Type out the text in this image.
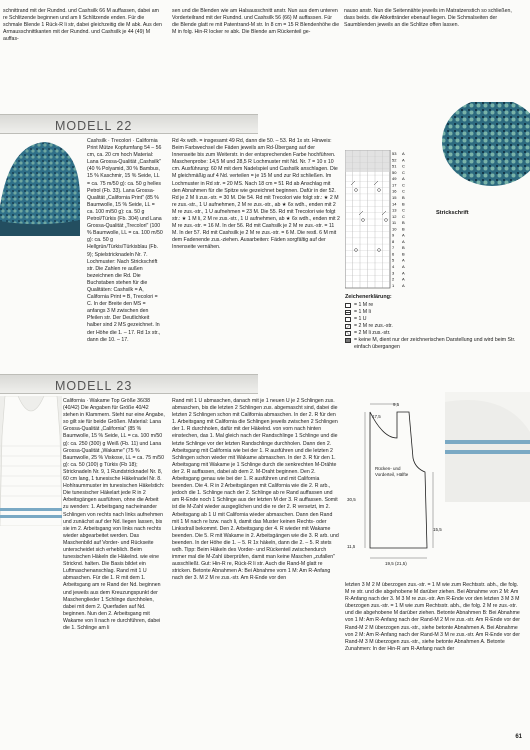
schnittrand mit der Rundnd. und Cashsilk 66 M auffassen, dabei am re Schlitzende beginnen und am li Schlitzende enden. Für die schmale Blende 1 Rück-R li str, dabei gleichzeitig die M abk. Aus den Armausschnittkanten mit der Rundnd. und Cashsilk je 44 (49) M auffas-
sen und die Blenden wie am Halsausschnitt anstr. Nun aus dem unteren Vorderteilrand mit der Rundnd. und Cashsilk 56 (66) M auffassen. Für die Blende glatt re mit Patentrand-M str. In 8 cm = 15 R Blendenhöhe die M in folg. Hin-R locker re abk. Die Blende am Rückenteil ge-
nauso anstr. Nun die Seitennähte jeweils im Matratzenstich so schließen, dass beids. die Abkettränder ebenauf liegen. Die Schmalseiten der Saumblenden jeweils an die Schlitze offen lassen.
MODELL 22

Cashsilk · Trecolori · California Print Mütze Kopfumfang 54 – 56 cm, ca. 20 cm hoch Material: Lana Grossa-Qualität „Cashsilk" (40 % Polyamid, 30 % Bambus, 15 % Kaschmir, 15 % Seide, LL = ca. 75 m/50 g): ca. 50 g helles Petrol (Fb. 33). Lana Grossa-Qualität „California Print" (85 % Baumwolle, 15 % Seide, LL = ca. 100 m/50 g): ca. 50 g Petrol/Türkis (Fb. 304) und Lana Grossa-Qualität „Trecolori" (100 % Baumwolle, LL = ca. 100 m/50 g): ca. 50 g Hellgrün/Türkis/Türkisblau (Fb. 9); Spielstricknadeln Nr. 7. Lochmuster: Nach Strickschrift str. Die Zahlen re außen bezeichnen die Rd. Die Buchstaben stehen für die Qualitäten: Cashsilk = A, California Print = B, Trecolori = C. In der Breite den MS = anfangs 3 M zwischen den Pfeilen str. Der Deutlichkeit halber sind 2 MS gezeichnet. In der Höhe die 1. – 17. Rd 1x str., dann die 10. – 17.

Rd 4x wdh. = insgesamt 49 Rd, dann die 50. – 53. Rd 1x str. Hinweis: Beim Farbwechsel die Fäden jeweils am Rd-Übergang auf der Innenseite bis zum Weiterstr. in der entsprechenden Farbe hochführen. Maschenprobe: 14,5 M und 28,5 R Lochmuster mit Nd. Nr. 7 = 10 x 10 cm. Ausführung: 60 M mit dem Nadelspiel und Cashsilk anschlagen. Die M gleichmäßig auf 4 Nd. verteilen = je 15 M und zur Rd schließen. Im Lochmuster in Rd str. = 20 MS. Nach 18 cm = 51 Rd ab Anschlag mit den Abnahmen für die Spitze wie gezeichnet beginnen. Dafür in der 52. Rd je 2 M li zus.-str. = 30 M. Die 54. Rd mit Trecolori wie folgt str.: ★ 2 M re zus.-str., 1 U aufnehmen, 2 M re zus.-str., ab ★ 6x wdh., enden mit 2 M re zus.-str., 1 U aufnehmen = 23 M. Die 55. Rd mit Trecolori wie folgt str.: ★ 1 M li, 2 M re zus.-str., 1 U aufnehmen, ab ★ 6x wdh., enden mit 2 M re zus.-str. = 16 M. In der 56. Rd mit Cashsilk je 2 M re zus.-str. = 11 M. In der 57. Rd mit Cashsilk je 2 M re zus.-str. = 6 M. Die restl. 6 M mit dem Fadenende zus.-ziehen. Ausarbeiten: Fäden sorgfältig auf der Innenseite vernähen.
53 A
52 A
51 C
50 C
49 A
17 C
16 C
15 B
14 B
13 C
12 C
11 B
10 B
9 A
8 A
7 B
6 B
5 A
4 A
3 A
2 A
1 A
Strickschrift
Zeichenerklärung:
= 1 M re
= 1 M li
= 1 U
= 2 M re zus.-str.
= 2 M li zus.-str.
= keine M, dient nur der zeichnerischen Darstellung und wird beim Str. einfach übergangen
MODELL 23

California · Wakame Top Größe 36/38 (40/42) Die Angaben für Größe 40/42 stehen in Klammern. Steht nur eine Angabe, so gilt sie für beide Größen. Material: Lana Grossa-Qualität „California" (85 % Baumwolle, 15 % Seide, LL = ca. 100 m/50 g): ca. 250 (300) g Weiß (Fb. 11) und Lana Grossa-Qualität „Wakame" (75 % Baumwolle, 25 % Viskose, LL = ca. 75 m/50 g): ca. 50 (100) g Türkis (Fb 18); Stricknadeln Nr. 9, 1 Rundstricknadel Nr. 8, 60 cm lang, 1 tunesische Häkelnadel Nr. 8. Hohlraummuster im tunesischen Häkelstich: Die tunesischer Häkelart jede R in 2 Arbeitsgängen ausführen, ohne die Arbeit zu wenden: 1. Arbeitsgang nacheinander Schlingen von rechts nach links aufnehmen und zunächst auf der Nd. liegen lassen, bis sie im 2. Arbeitsgang von links nach rechts wieder abgearbeitet werden. Das Maschenbild auf Vorder- und Rückseite unterscheidet sich erheblich. Beim tunesischen Häkeln die Häkelnd. wie eine Stricknd. halten. Die Basis bildet ein Luftmaschenanschlag. Rand mit 1 U abmaschen. Für die 1. R mit dem 1. Arbeitsgang am re Rand der Nd. beginnen und jeweils aus dem Kreuzungspunkt der Maschenglieder 1 Schlinge durchholen, dabei mit dem 2. Querfaden auf Nd. beginnen. Nun den 2. Arbeitsgang mit Wakame von li nach re durchführen, dabei die 1. Schlinge am li

Rand mit 1 U abmaschen, danach mit je 1 neuen U je 2 Schlingen zus. abmaschen, bis die letzten 2 Schlingen zus. abgemascht sind, dabei die letzten 2 Schlingen schon mit California abmaschen. In der 2. R für den 1. Arbeitsgang mit California die Schlingen jeweils zwischen 2 Schlingen der 1. R durchholen, dafür mit der Häkelnd. von vorn nach hinten einstechen, das 1. Mal gleich nach der Randschlinge 1 Schlinge und die letzte Schlinge vor der letzten Randschlinge durchholen. Dann den 2. Arbeitsgang mit California wie bei der 1. R ausführen und die letzten 2 Schlingen schon wieder mit Wakame abmaschen. In der 3. R für den 1. Arbeitsgang mit Wakame je 1 Schlinge durch die senkrechten M-Drähte der 2. R auffassen, dabei ab dem 2. M-Draht beginnen. Den 2. Arbeitsgang genau wie bei der 1. R ausführen und mit California beenden. Die 4. R in 2 Arbeitsgängen mit California wie die 2. R arb., jedoch die 1. Schlinge nach der 2. Schlinge ab re Rand auffassen und am R-Ende noch 1 Schlinge aus der letzten M der 3. R auffassen. Somit ist die M-Zahl wieder ausgeglichen und die re der 2. R versetzt, im 2. Arbeitsgang ab 1 U mit California wieder abmaschen. Dann den Rand mit 1 M nach re bzw. nach li, damit das Muster keinen Rechts- oder Linksdrall bekommt. Den 2. Arbeitsgang der 4. R wieder mit Wakame beenden. Die 5. R mit Wakame in 2. Arbeitsgängen wie die 3. R arb. und beenden. In der Höhe die 1. – 5. R 1x häkeln, dann die 2. – 5. R stets wdh. Tipp: Beim Häkeln des Vorder- und Rückenteil zwischendurch immer mal die M-Zahl überprüfen, damit man keine Maschen „zufallen" ausschließt. Gut: Hin-R re, Rück-R li str. Auch die Rand-M glatt re stricken. Betonte Abnahmen A: Bei Abnahme vom 1 M: Am R-Anfang nach der 3. M 2 M re zus.-str. Am R-Ende vor den
9,5
17,5
Rücken- und Vorderteil, Hälfte
30,5
11,5
15,5
19,5 (21,5)
letzten 3 M 2 M überzogen zus.-str. = 1 M wie zum Rechtsstr. abh., die folg. M re str. und die abgehobene M darüber ziehen. Bei Abnahme von 2 M: Am R-Anfang nach der 3. M 3 M re zus.-str. Am R-Ende vor den letzten 3 M 3 M überzogen zus.-str. = 1 M wie zum Rechtsstr. abh., die folg. 2 M re zus.-str. und die abgehobene M darüber ziehen. Betonte Abnahmen B: Bei Abnahme von 1 M: Am R-Anfang nach der Rand-M 2 M re zus.-str. Am R-Ende vor der Rand-M 2 M überzogen zus.-str., siehe betonte Abnahmen A. Bei Abnahme von 2 M: Am R-Anfang nach der Rand-M 3 M re zus.-str. Am R-Ende vor der Rand-M 3 M überzogen zus.-str., siehe betonte Abnahmen A. Betonte Zunahmen: In der Hin-R am R-Anfang nach der
61
